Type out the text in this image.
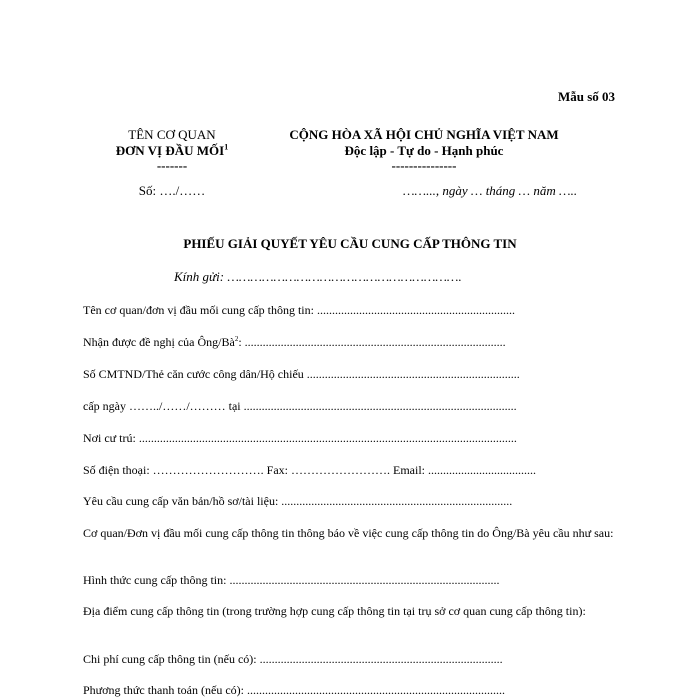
Mẫu số 03
TÊN CƠ QUAN
ĐƠN VỊ ĐẦU MỐI$^1$
-------
CỘNG HÒA XÃ HỘI CHỦ NGHĨA VIỆT NAM
Độc lập - Tự do - Hạnh phúc
---------------
Số: …./……	……..., ngày … tháng … năm …..
PHIẾU GIẢI QUYẾT YÊU CẦU CUNG CẤP THÔNG TIN
Kính gửi: …………………………………………………….
Tên cơ quan/đơn vị đầu mối cung cấp thông tin: ..................................................................
Nhận được đề nghị của Ông/$Bà^2$: .......................................................................................
Số CMTND/Thẻ căn cước công dân/Hộ chiếu .......................................................................
cấp ngày ……../……/……… tại ...........................................................................................
Nơi cư trú: ..............................................................................................................................
Số điện thoại: ………………………. Fax: ……………………. Email: ....................................
Yêu cầu cung cấp văn bản/hồ sơ/tài liệu: .............................................................................
Cơ quan/Đơn vị đầu mối cung cấp thông tin thông báo về việc cung cấp thông tin do Ông/Bà yêu cầu như sau:
Hình thức cung cấp thông tin: ..........................................................................................
Địa điểm cung cấp thông tin (trong trường hợp cung cấp thông tin tại trụ sở cơ quan cung cấp thông tin):
Chi phí cung cấp thông tin (nếu có): .................................................................................
Phương thức thanh toán (nếu có): ......................................................................................
